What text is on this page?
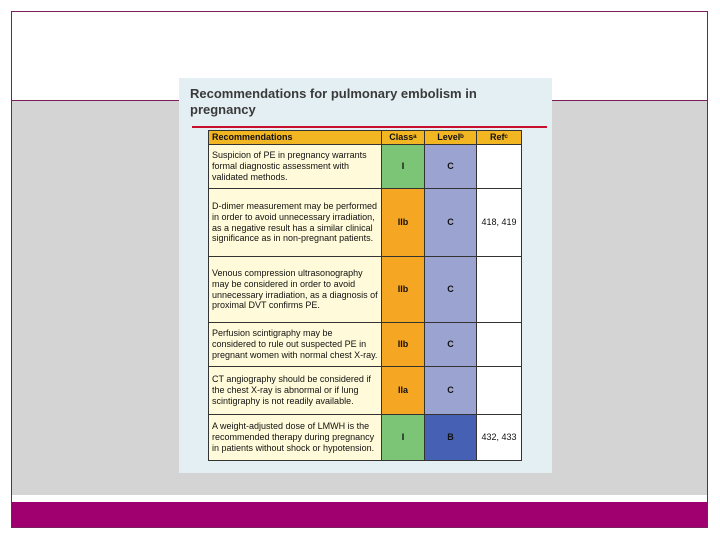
Recommendations for pulmonary embolism in pregnancy
Recommendations	Classᵃ	Levelᵇ	Refᶜ
Suspicion of PE in pregnancy warrants formal diagnostic assessment with validated methods.	I	C	
D-dimer measurement may be performed in order to avoid unnecessary irradiation, as a negative result has a similar clinical significance as in non-pregnant patients.	IIb	C	418, 419
Venous compression ultrasonography may be considered in order to avoid unnecessary irradiation, as a diagnosis of proximal DVT confirms PE.	IIb	C	
Perfusion scintigraphy may be considered to rule out suspected PE in pregnant women with normal chest X-ray.	IIb	C	
CT angiography should be considered if the chest X-ray is abnormal or if lung scintigraphy is not readily available.	IIa	C	
A weight-adjusted dose of LMWH is the recommended therapy during pregnancy in patients without shock or hypotension.	I	B	432, 433
